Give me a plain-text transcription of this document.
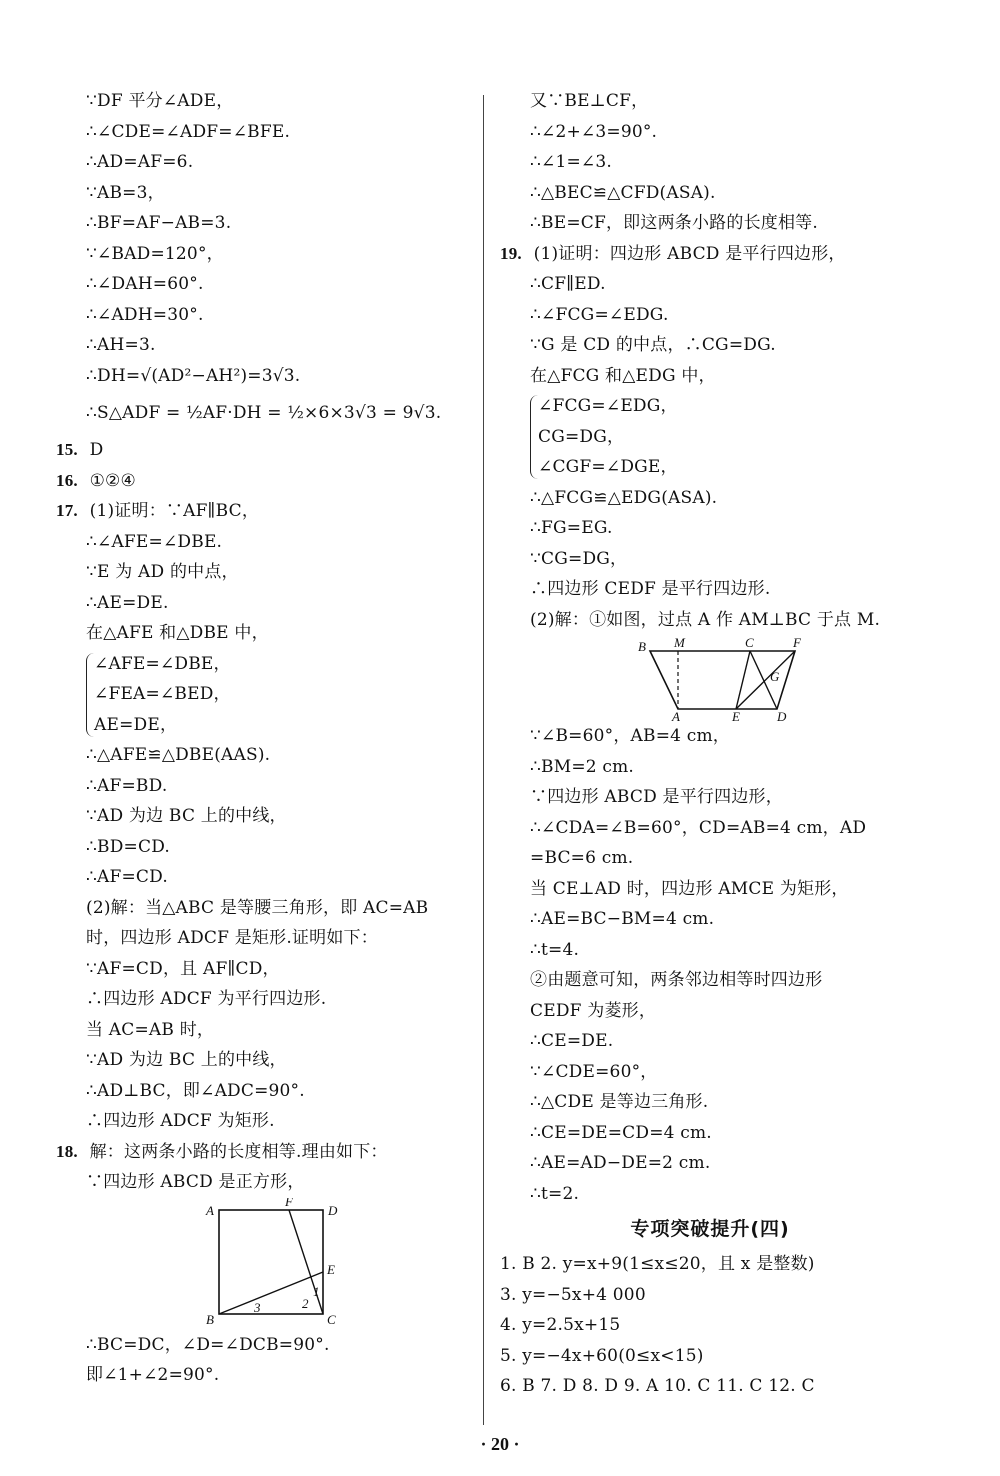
∵DF 平分∠ADE，
∴∠CDE=∠ADF=∠BFE.
∴AD=AF=6.
∵AB=3，
∴BF=AF−AB=3.
∵∠BAD=120°，
∴∠DAH=60°.
∴∠ADH=30°.
∴AH=3.
∴DH=√(AD²−AH²)=3√3.
∴S△ADF = ½AF·DH = ½×6×3√3 = 9√3.
15. D
16. ①②④
17. (1)证明：∵AF∥BC，
∴∠AFE=∠DBE.
∵E 为 AD 的中点，
∴AE=DE.
在△AFE 和△DBE 中，
∠AFE=∠DBE，
∠FEA=∠BED，
AE=DE，
∴△AFE≌△DBE(AAS).
∴AF=BD.
∵AD 为边 BC 上的中线，
∴BD=CD.
∴AF=CD.
(2)解：当△ABC 是等腰三角形，即 AC=AB
时，四边形 ADCF 是矩形.证明如下：
∵AF=CD，且 AF∥CD，
∴四边形 ADCF 为平行四边形.
当 AC=AB 时，
∵AD 为边 BC 上的中线，
∴AD⊥BC，即∠ADC=90°.
∴四边形 ADCF 为矩形.
18. 解：这两条小路的长度相等.理由如下：
∵四边形 ABCD 是正方形，
A
F
D
E
1
2
3
B	C
∴BC=DC，∠D=∠DCB=90°.
即∠1+∠2=90°.
又∵BE⊥CF，
∴∠2+∠3=90°.
∴∠1=∠3.
∴△BEC≌△CFD(ASA).
∴BE=CF，即这两条小路的长度相等.
19. (1)证明：四边形 ABCD 是平行四边形，
∴CF∥ED.
∴∠FCG=∠EDG.
∵G 是 CD 的中点，∴CG=DG.
在△FCG 和△EDG 中，
∠FCG=∠EDG，
CG=DG，
∠CGF=∠DGE，
∴△FCG≌△EDG(ASA).
∴FG=EG.
∵CG=DG，
∴四边形 CEDF 是平行四边形.
(2)解：①如图，过点 A 作 AM⊥BC 于点 M.
B M	C	F
G
A	E	D
∵∠B=60°，AB=4 cm，
∴BM=2 cm.
∵四边形 ABCD 是平行四边形，
∴∠CDA=∠B=60°，CD=AB=4 cm，AD
=BC=6 cm.
当 CE⊥AD 时，四边形 AMCE 为矩形，
∴AE=BC−BM=4 cm.
∴t=4.
②由题意可知，两条邻边相等时四边形
CEDF 为菱形，
∴CE=DE.
∵∠CDE=60°，
∴△CDE 是等边三角形.
∴CE=DE=CD=4 cm.
∴AE=AD−DE=2 cm.
∴t=2.
专项突破提升(四)
1. B 2. y=x+9(1≤x≤20，且 x 是整数)
3. y=−5x+4 000
4. y=2.5x+15
5. y=−4x+60(0≤x<15)
6. B 7. D 8. D 9. A 10. C 11. C 12. C
· 20 ·
